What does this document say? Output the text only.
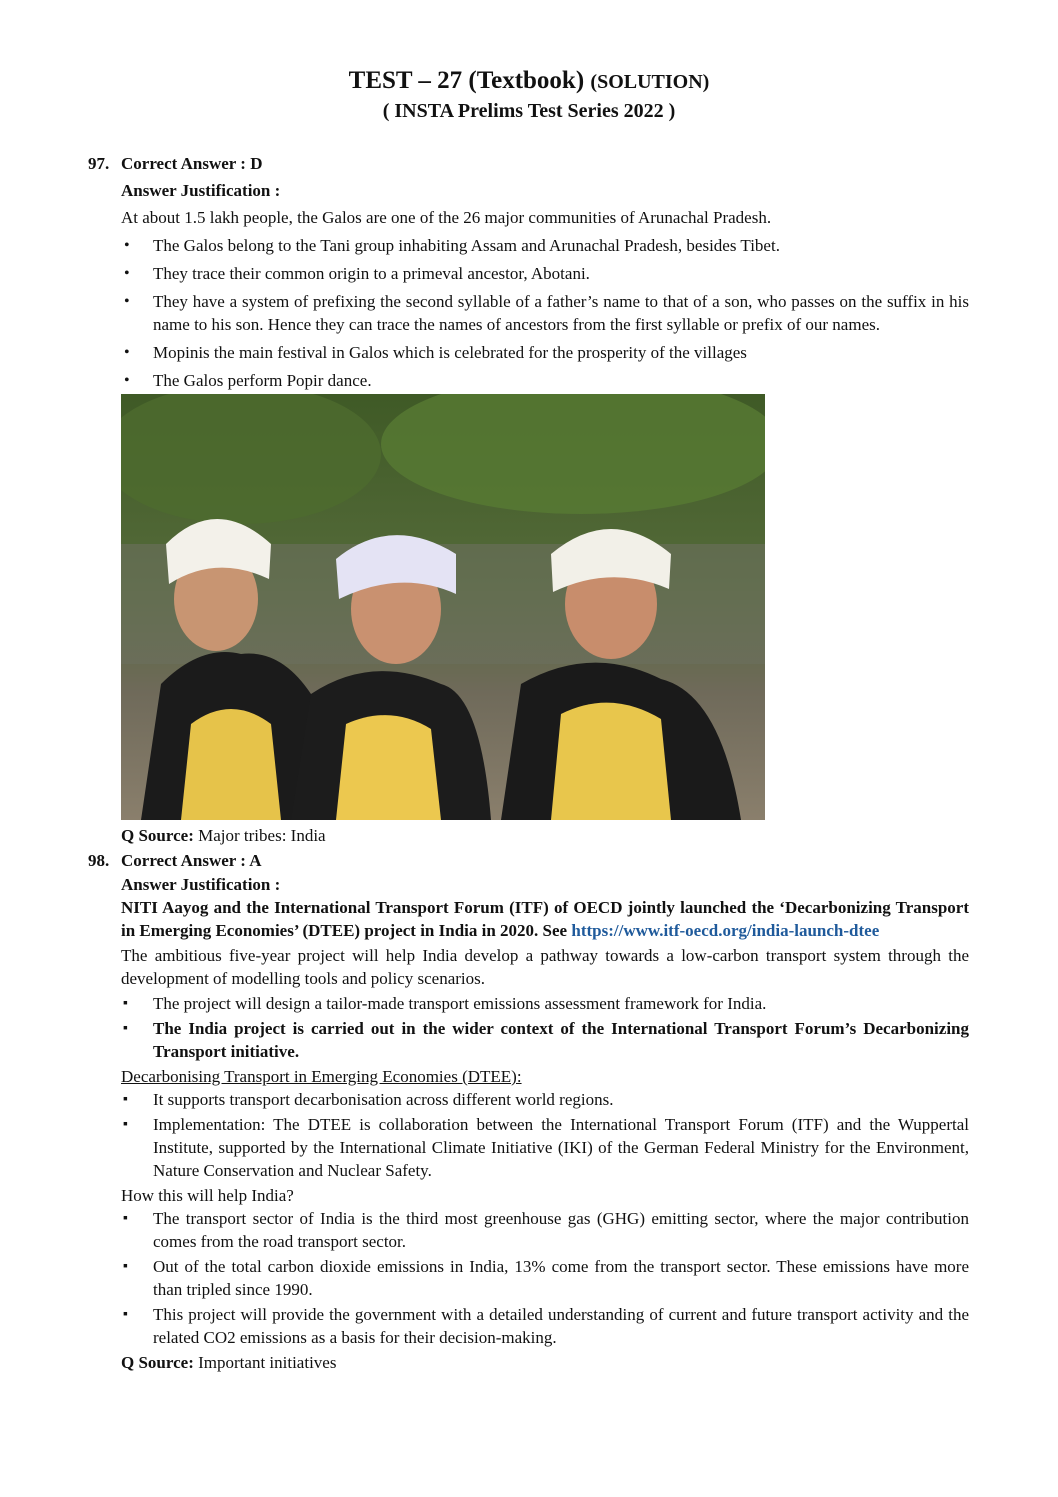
TEST – 27 (Textbook) (SOLUTION)
( INSTA Prelims Test Series 2022 )
97. Correct Answer : D

Answer Justification :

At about 1.5 lakh people, the Galos are one of the 26 major communities of Arunachal Pradesh.

• The Galos belong to the Tani group inhabiting Assam and Arunachal Pradesh, besides Tibet.
• They trace their common origin to a primeval ancestor, Abotani.
• They have a system of prefixing the second syllable of a father’s name to that of a son, who passes on the suffix in his name to his son. Hence they can trace the names of ancestors from the first syllable or prefix of our names.
• Mopinis the main festival in Galos which is celebrated for the prosperity of the villages
• The Galos perform Popir dance.

Q Source: Major tribes: India

98. Correct Answer : A

Answer Justification :

NITI Aayog and the International Transport Forum (ITF) of OECD jointly launched the ‘Decarbonizing Transport in Emerging Economies’ (DTEE) project in India in 2020. See https://www.itf-oecd.org/india-launch-dtee

The ambitious five-year project will help India develop a pathway towards a low-carbon transport system through the development of modelling tools and policy scenarios.

▪ The project will design a tailor-made transport emissions assessment framework for India.
▪ The India project is carried out in the wider context of the International Transport Forum’s Decarbonizing Transport initiative.

Decarbonising Transport in Emerging Economies (DTEE):

▪ It supports transport decarbonisation across different world regions.
▪ Implementation: The DTEE is collaboration between the International Transport Forum (ITF) and the Wuppertal Institute, supported by the International Climate Initiative (IKI) of the German Federal Ministry for the Environment, Nature Conservation and Nuclear Safety.

How this will help India?

▪ The transport sector of India is the third most greenhouse gas (GHG) emitting sector, where the major contribution comes from the road transport sector.
▪ Out of the total carbon dioxide emissions in India, 13% come from the transport sector. These emissions have more than tripled since 1990.
▪ This project will provide the government with a detailed understanding of current and future transport activity and the related CO2 emissions as a basis for their decision-making.

Q Source: Important initiatives
